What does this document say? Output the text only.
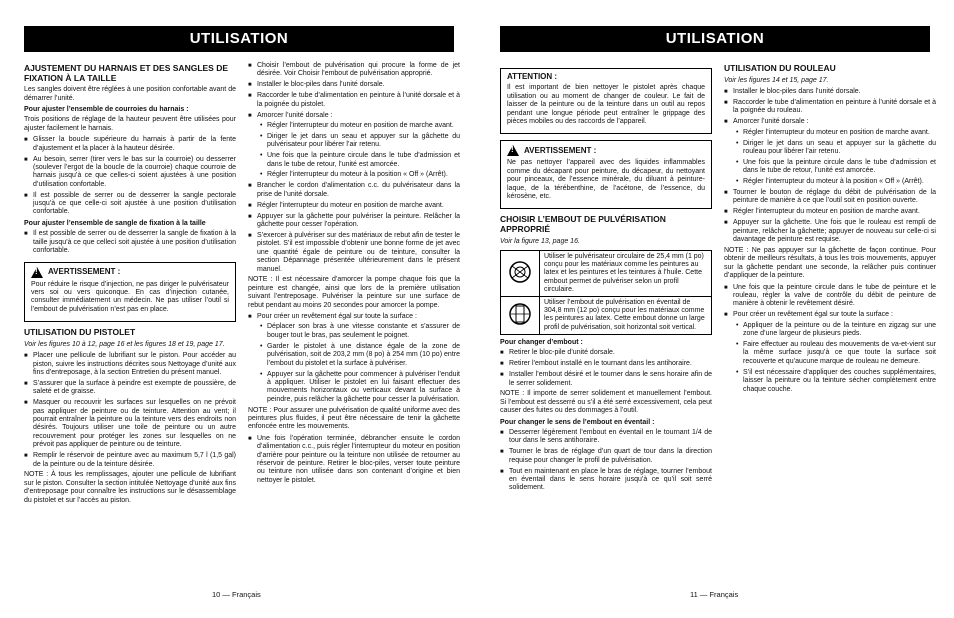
UTILISATION
AJUSTEMENT DU HARNAIS ET DES SANGLES DE FIXATION À LA TAILLE

Les sangles doivent être réglées à une position confortable avant de démarrer l’unité.

Pour ajuster l’ensemble de courroies du harnais :

Trois positions de réglage de la hauteur peuvent être utilisées pour ajuster facilement le harnais.

■ Glisser la boucle supérieure du harnais à partir de la fente d’ajustement et la placer à la hauteur désirée.
■ Au besoin, serrer (tirer vers le bas sur la courroie) ou desserrer (soulever l’ergot de la boucle de la courroie) chaque courroie de harnais jusqu’à ce que celles-ci soient ajustées à une position d’utilisation confortable.
■ Il est possible de serrer ou de desserrer la sangle pectorale jusqu’à ce que celle-ci soit ajustée à une position d’utilisation confortable.
Pour ajuster l’ensemble de sangle de fixation à la taille
■ Il est possible de serrer ou de desserrer la sangle de fixation à la taille jusqu’à ce que cellecí soit ajustée à une position d’utilisation confortable.
!
AVERTISSEMENT :

Pour réduire le risque d’injection, ne pas diriger le pulvérisateur vers soi ou vers quiconque. En cas d’injection cutanée, consulter immédiatement un médecin. Ne pas utiliser l’outil si l’embout de pulvérisation n’est pas en place.

UTILISATION DU PISTOLET
Voir les figures 10 à 12, page 16 et les figures 18 et 19, page 17.
■ Placer une pellicule de lubrifiant sur le piston. Pour accéder au piston, suivre les instructions décrites sous Nettoyage d’unité aux fins d’entreposage, à la section Entretien du présent manuel.
■ S’assurer que la surface à peindre est exempte de poussière, de saleté et de graisse.
■ Masquer ou recouvrir les surfaces sur lesquelles on ne prévoit pas appliquer de peinture ou de teinture. Attention au vent; il pourrait entraîner la peinture ou la teinture vers des endroits non désirés. Toujours utiliser une toile de peinture ou un autre recouvrement pour protéger les zones sur lesquelles on ne prévoit pas appliquer de peinture ou de teinture.
■ Remplir le réservoir de peinture avec au maximum 5,7 l (1,5 gal) de la peinture ou de la teinture désirée.

NOTE : À tous les remplissages, ajouter une pellicule de lubrifiant sur le piston. Consulter la section intitulée Nettoyage d’unité aux fins d’entreposage pour connaître les instructions sur le désassemblage du pistolet et sur l’accès au piston.

■ Choisir l’embout de pulvérisation qui procure la forme de jet désirée. Voir Choisir l’embout de pulvérisation approprié.
■ Installer le bloc-piles dans l’unité dorsale.
■ Raccorder le tube d’alimentation en peinture à l’unité dorsale et à la poignée du pistolet.
■ Amorcer l’unité dorsale :
• Régler l’interrupteur du moteur en position de marche avant.
• Diriger le jet dans un seau et appuyer sur la gâchette du pulvérisateur pour libérer l’air retenu.
• Une fois que la peinture circule dans le tube d’admission et dans le tube de retour, l’unité est amorcée.
• Régler l’interrupteur du moteur à la position « Off » (Arrêt).
■ Brancher le cordon d’alimentation c.c. du pulvérisateur dans la prise de l’unité dorsale.
■ Régler l’interrupteur du moteur en position de marche avant.
■ Appuyer sur la gâchette pour pulvériser la peinture. Relâcher la gâchette pour cesser l’opération.
■ S’exercer à pulvériser sur des matériaux de rebut afin de tester le pistolet. S’il est impossible d’obtenir une bonne forme de jet avec une quantité égale de peinture ou de teinture, consulter la section Dépannage présentée ultérieurement dans le présent manuel.

NOTE : Il est nécessaire d’amorcer la pompe chaque fois que la peinture est changée, ainsi que lors de la première utilisation suivant l’entreposage. Pulvériser la peinture sur une surface de rebut pendant au moins 20 secondes pour amorcer la pompe.

■ Pour créer un revêtement égal sur toute la surface :
• Déplacer son bras à une vitesse constante et s’assurer de bouger tout le bras, pas seulement le poignet.
• Garder le pistolet à une distance égale de la zone de pulvérisation, soit de 203,2 mm (8 po) à 254 mm (10 po) entre l’embout du pistolet et la surface à pulvériser.
• Appuyer sur la gâchette pour commencer à pulvériser l’enduit à appliquer. Utiliser le pistolet en lui faisant effectuer des mouvements horizontaux ou verticaux devant la surface à peindre, puis relâcher la gâchette pour cesser la pulvérisation.

NOTE : Pour assurer une pulvérisation de qualité uniforme avec des peintures plus fluides, il peut être nécessaire de tenir la gâchette enfoncée entre les mouvements.

■ Une fois l’opération terminée, débrancher ensuite le cordon d’alimentation c.c., puis régler l’interrupteur du moteur en position d’arrière pour peinture ou la teinture non utilisée de retourner au réservoir de peinture. Retirer le bloc-piles, verser toute peinture ou teinture non utilisée dans son contenant d’origine et bien nettoyer le pistolet.
10 — Français
UTILISATION
ATTENTION :

Il est important de bien nettoyer le pistolet après chaque utilisation ou au moment de changer de couleur. Le fait de laisser de la peinture ou de la teinture dans un outil au repos pendant une longue période peut entraîner le grippage des pièces mobiles ou des raccords de l’appareil.

!
AVERTISSEMENT :

Ne pas nettoyer l’appareil avec des liquides inflammables comme du décapant pour peinture, du décapeur, du nettoyant pour pinceaux, de l’essence minérale, du diluant à peinture-laque, de la térébenthine, de l’acétone, de l’essence, du kérosène, etc.

CHOISIR L’EMBOUT DE PULVÉRISATION APPROPRIÉ
Voir la figure 13, page 16.
	Utiliser le pulvérisateur circulaire de 25,4 mm (1 po) conçu pour les matériaux comme les peintures au latex et les peintures et les teintures à l’huile. Cette embout permet de pulvériser selon un profil circulaire.
	Utiliser l’embout de pulvérisation en éventail de 304,8 mm (12 po) conçu pour les matériaux comme les peintures au latex. Cette embout donne un large profil de pulvérisation, soit horizontal soit vertical.
Pour changer d’embout :
■ Retirer le bloc-pile d’unité dorsale.
■ Retirer l’embout installé en le tournant dans les antihoraire.
■ Installer l’embout désiré et le tourner dans le sens horaire afin de le serrer solidement.

NOTE : Il importe de serrer solidement et manuellement l’embout. Si l’embout est desserré ou s’il a été serré excessivement, cela peut causer des fuites ou des dommages à l’outil.

Pour changer le sens de l’embout en éventail :
■ Desserrer légèrement l’embout en éventail en le tournant 1/4 de tour dans le sens antihoraire.
■ Tourner le bras de réglage d’un quart de tour dans la direction requise pour changer le profil de pulvérisation.
■ Tout en maintenant en place le bras de réglage, tourner l’embout en éventail dans le sens horaire jusqu’à ce qu’il soit serré solidement.
UTILISATION DU ROULEAU
Voir les figures 14 et 15, page 17.
■ Installer le bloc-piles dans l’unité dorsale.
■ Raccorder le tube d’alimentation en peinture à l’unité dorsale et à la poignée du rouleau.
■ Amorcer l’unité dorsale :
• Régler l’interrupteur du moteur en position de marche avant.
• Diriger le jet dans un seau et appuyer sur la gâchette du rouleau pour libérer l’air retenu.
• Une fois que la peinture circule dans le tube d’admission et dans le tube de retour, l’unité est amorcée.
• Régler l’interrupteur du moteur à la position « Off » (Arrêt).
■ Tourner le bouton de réglage du débit de pulvérisation de la peinture de manière à ce que l’outil soit en position ouverte.
■ Régler l’interrupteur du moteur en position de marche avant.
■ Appuyer sur la gâchette. Une fois que le rouleau est rempli de peinture, relâcher la gâchette; appuyer de nouveau sur celle-ci si davantage de peinture est requise.

NOTE : Ne pas appuyer sur la gâchette de façon continue. Pour obtenir de meilleurs résultats, à tous les trois mouvements, appuyer sur la gâchette pendant une seconde, la relâcher puis continuer d’appliquer de la peinture.

■ Une fois que la peinture circule dans le tube de peinture et le rouleau, régler la valve de contrôle du débit de peinture de manière à obtenir le revêtement désiré.
■ Pour créer un revêtement égal sur toute la surface :
• Appliquer de la peinture ou de la teinture en zigzag sur une zone d’une largeur de plusieurs pieds.
• Faire effectuer au rouleau des mouvements de va-et-vient sur la même surface jusqu’à ce que toute la surface soit recouverte et qu’aucune marque de rouleau ne demeure.
• S’il est nécessaire d’appliquer des couches supplémentaires, laisser la peinture ou la teinture sécher complètement entre chaque couche.
11 — Français
